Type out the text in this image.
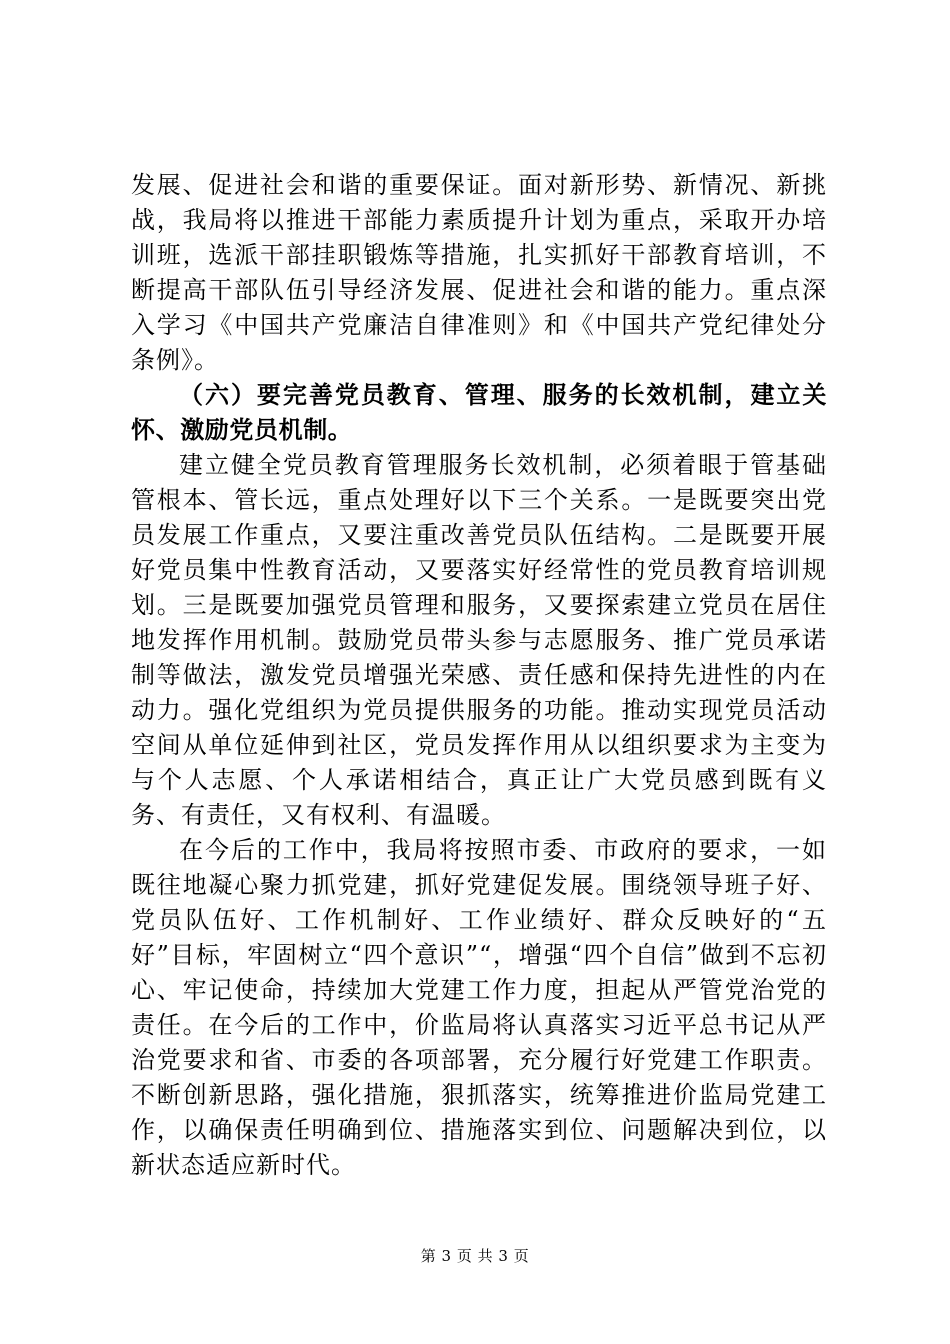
发展、促进社会和谐的重要保证。面对新形势、新情况、新挑战，我局将以推进干部能力素质提升计划为重点，采取开办培训班，选派干部挂职锻炼等措施，扎实抓好干部教育培训，不断提高干部队伍引导经济发展、促进社会和谐的能力。重点深入学习《中国共产党廉洁自律准则》和《中国共产党纪律处分条例》。

（六）要完善党员教育、管理、服务的长效机制，建立关怀、激励党员机制。

建立健全党员教育管理服务长效机制，必须着眼于管基础管根本、管长远，重点处理好以下三个关系。一是既要突出党员发展工作重点，又要注重改善党员队伍结构。二是既要开展好党员集中性教育活动，又要落实好经常性的党员教育培训规划。三是既要加强党员管理和服务，又要探索建立党员在居住地发挥作用机制。鼓励党员带头参与志愿服务、推广党员承诺制等做法，激发党员增强光荣感、责任感和保持先进性的内在动力。强化党组织为党员提供服务的功能。推动实现党员活动空间从单位延伸到社区，党员发挥作用从以组织要求为主变为与个人志愿、个人承诺相结合，真正让广大党员感到既有义务、有责任，又有权利、有温暖。

在今后的工作中，我局将按照市委、市政府的要求，一如既往地凝心聚力抓党建，抓好党建促发展。围绕领导班子好、党员队伍好、工作机制好、工作业绩好、群众反映好的“五好”目标，牢固树立“四个意识”“，增强“四个自信”做到不忘初心、牢记使命，持续加大党建工作力度，担起从严管党治党的责任。在今后的工作中，价监局将认真落实习近平总书记从严治党要求和省、市委的各项部署，充分履行好党建工作职责。不断创新思路，强化措施，狠抓落实，统筹推进价监局党建工作，以确保责任明确到位、措施落实到位、问题解决到位，以新状态适应新时代。

第 3 页 共 3 页
